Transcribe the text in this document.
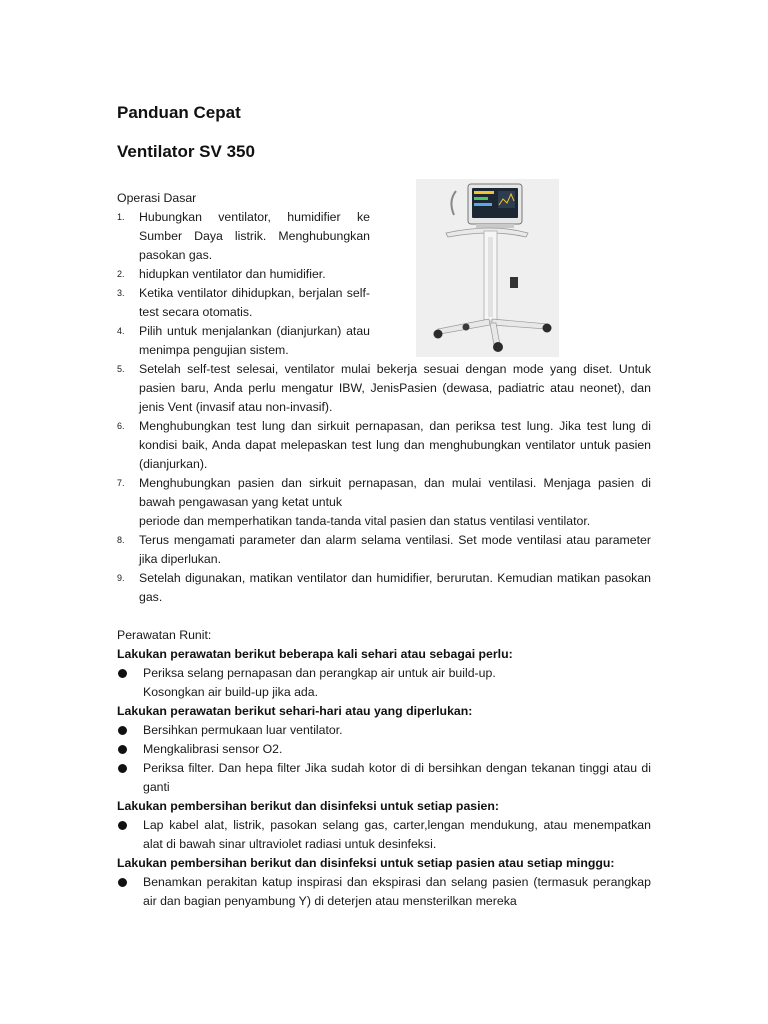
Panduan Cepat
Ventilator SV 350

Operasi Dasar

1. Hubungkan ventilator, humidifier ke Sumber Daya listrik. Menghubungkan pasokan gas.
2. hidupkan ventilator dan humidifier.
3. Ketika ventilator dihidupkan, berjalan self-test secara otomatis.
4. Pilih untuk menjalankan (dianjurkan) atau menimpa pengujian sistem.
5. Setelah self-test selesai, ventilator mulai bekerja sesuai dengan mode yang diset. Untuk pasien baru, Anda perlu mengatur IBW, JenisPasien (dewasa, padiatric atau neonet), dan jenis Vent (invasif atau non-invasif).
6. Menghubungkan test lung dan sirkuit pernapasan, dan periksa test lung. Jika test lung di kondisi baik, Anda dapat melepaskan test lung dan menghubungkan ventilator untuk pasien (dianjurkan).
7. Menghubungkan pasien dan sirkuit pernapasan, dan mulai ventilasi. Menjaga pasien di bawah pengawasan yang ketat untuk
periode dan memperhatikan tanda-tanda vital pasien dan status ventilasi ventilator.
8. Terus mengamati parameter dan alarm selama ventilasi. Set mode ventilasi atau parameter jika diperlukan.
9. Setelah digunakan, matikan ventilator dan humidifier, berurutan. Kemudian matikan pasokan gas.

Perawatan Runit:

Lakukan perawatan berikut beberapa kali sehari atau sebagai perlu:

Periksa selang pernapasan dan perangkap air untuk air build-up.
Kosongkan air build-up jika ada.

Lakukan perawatan berikut sehari-hari atau yang diperlukan:

Bersihkan permukaan luar ventilator.
Mengkalibrasi sensor O2.
Periksa filter. Dan hepa filter Jika sudah kotor di di bersihkan dengan tekanan tinggi atau di ganti

Lakukan pembersihan berikut dan disinfeksi untuk setiap pasien:

Lap kabel alat, listrik, pasokan selang gas, carter,lengan mendukung, atau menempatkan alat di bawah sinar ultraviolet radiasi untuk desinfeksi.

Lakukan pembersihan berikut dan disinfeksi untuk setiap pasien atau setiap minggu:

Benamkan perakitan katup inspirasi dan ekspirasi dan selang pasien (termasuk perangkap air dan bagian penyambung Y) di deterjen atau mensterilkan mereka
